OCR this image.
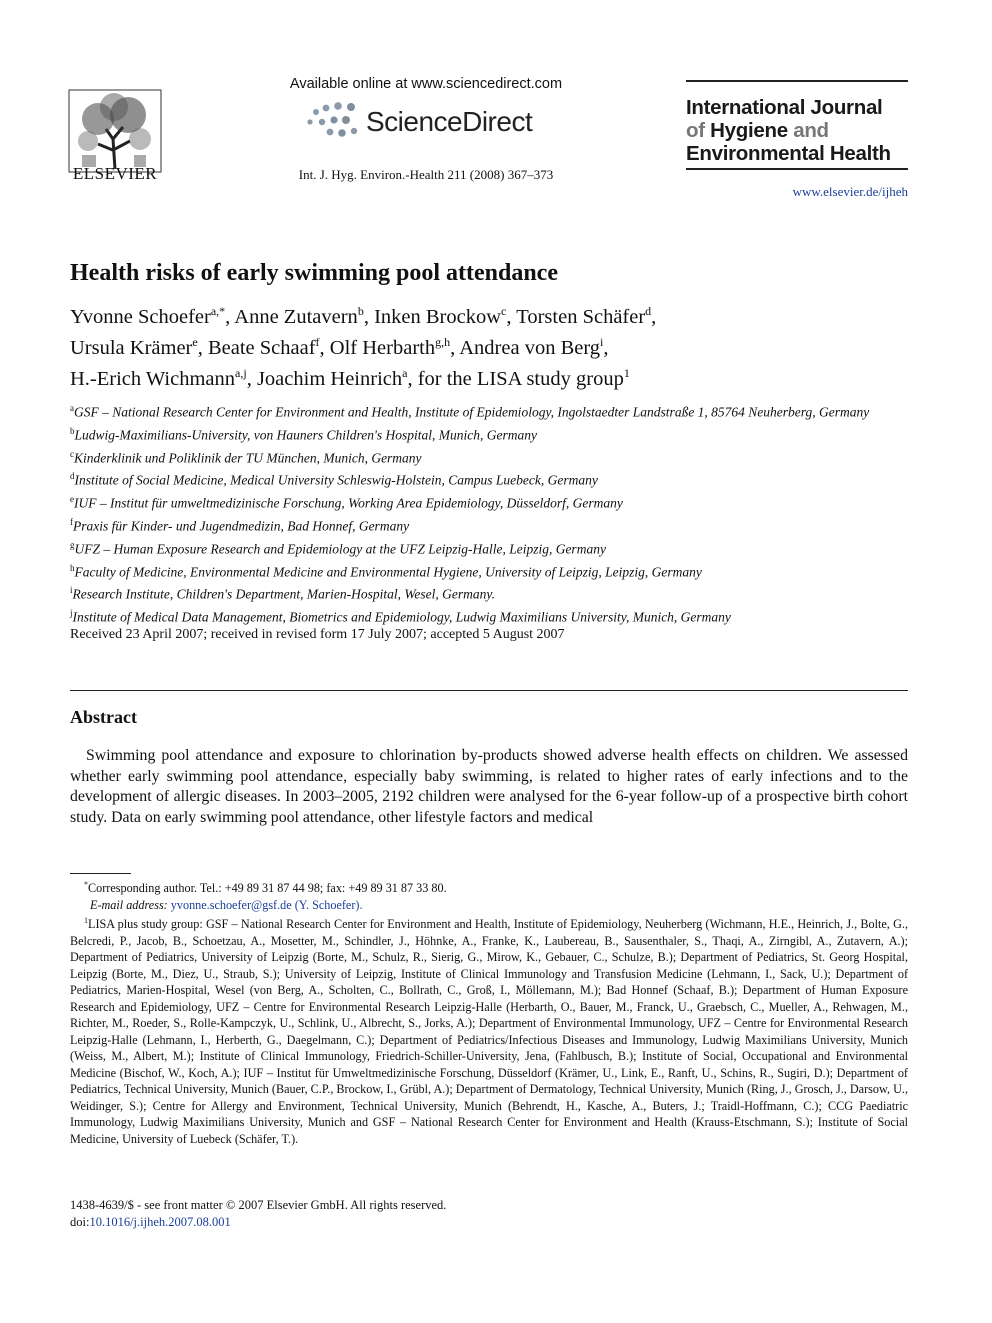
ELSEVIER
Available online at www.sciencedirect.com
ScienceDirect
Int. J. Hyg. Environ.-Health 211 (2008) 367–373
International Journal
of Hygiene and
Environmental Health
www.elsevier.de/ijheh
Health risks of early swimming pool attendance
Yvonne Schoefer$^{a,*}$, Anne Zutavern$^b$, Inken Brockow$^c$, Torsten Schäfer$^d$,
Ursula Krämer$^e$, Beate Schaaf$^f$, Olf Herbarth$^{g,h}$, Andrea von Berg$^i$,
H.-Erich Wichmann$^{a,j}$, Joachim Heinrich$^a$, for the LISA study group$^1$
$^a$GSF – National Research Center for Environment and Health, Institute of Epidemiology, Ingolstaedter Landstraße 1, 85764 Neuherberg, Germany
$^b$Ludwig-Maximilians-University, von Hauners Children's Hospital, Munich, Germany
$^c$Kinderklinik und Poliklinik der TU München, Munich, Germany
$^d$Institute of Social Medicine, Medical University Schleswig-Holstein, Campus Luebeck, Germany
$^e$IUF – Institut für umweltmedizinische Forschung, Working Area Epidemiology, Düsseldorf, Germany
$^f$Praxis für Kinder- und Jugendmedizin, Bad Honnef, Germany
$^g$UFZ – Human Exposure Research and Epidemiology at the UFZ Leipzig-Halle, Leipzig, Germany
$^h$Faculty of Medicine, Environmental Medicine and Environmental Hygiene, University of Leipzig, Leipzig, Germany
$^i$Research Institute, Children's Department, Marien-Hospital, Wesel, Germany.
$^j$Institute of Medical Data Management, Biometrics and Epidemiology, Ludwig Maximilians University, Munich, Germany
Received 23 April 2007; received in revised form 17 July 2007; accepted 5 August 2007
Abstract
Swimming pool attendance and exposure to chlorination by-products showed adverse health effects on children. We assessed whether early swimming pool attendance, especially baby swimming, is related to higher rates of early infections and to the development of allergic diseases. In 2003–2005, 2192 children were analysed for the 6-year follow-up of a prospective birth cohort study. Data on early swimming pool attendance, other lifestyle factors and medical
*Corresponding author. Tel.: +49 89 31 87 44 98; fax: +49 89 31 87 33 80.
E-mail address: yvonne.schoefer@gsf.de (Y. Schoefer).
$^1$LISA plus study group: GSF – National Research Center for Environment and Health, Institute of Epidemiology, Neuherberg (Wichmann, H.E., Heinrich, J., Bolte, G., Belcredi, P., Jacob, B., Schoetzau, A., Mosetter, M., Schindler, J., Höhnke, A., Franke, K., Laubereau, B., Sausenthaler, S., Thaqi, A., Zirngibl, A., Zutavern, A.); Department of Pediatrics, University of Leipzig (Borte, M., Schulz, R., Sierig, G., Mirow, K., Gebauer, C., Schulze, B.); Department of Pediatrics, St. Georg Hospital, Leipzig (Borte, M., Diez, U., Straub, S.); University of Leipzig, Institute of Clinical Immunology and Transfusion Medicine (Lehmann, I., Sack, U.); Department of Pediatrics, Marien-Hospital, Wesel (von Berg, A., Scholten, C., Bollrath, C., Groß, I., Möllemann, M.); Bad Honnef (Schaaf, B.); Department of Human Exposure Research and Epidemiology, UFZ – Centre for Environmental Research Leipzig-Halle (Herbarth, O., Bauer, M., Franck, U., Graebsch, C., Mueller, A., Rehwagen, M., Richter, M., Roeder, S., Rolle-Kampczyk, U., Schlink, U., Albrecht, S., Jorks, A.); Department of Environmental Immunology, UFZ – Centre for Environmental Research Leipzig-Halle (Lehmann, I., Herberth, G., Daegelmann, C.); Department of Pediatrics/Infectious Diseases and Immunology, Ludwig Maximilians University, Munich (Weiss, M., Albert, M.); Institute of Clinical Immunology, Friedrich-Schiller-University, Jena, (Fahlbusch, B.); Institute of Social, Occupational and Environmental Medicine (Bischof, W., Koch, A.); IUF – Institut für Umweltmedizinische Forschung, Düsseldorf (Krämer, U., Link, E., Ranft, U., Schins, R., Sugiri, D.); Department of Pediatrics, Technical University, Munich (Bauer, C.P., Brockow, I., Grübl, A.); Department of Dermatology, Technical University, Munich (Ring, J., Grosch, J., Darsow, U., Weidinger, S.); Centre for Allergy and Environment, Technical University, Munich (Behrendt, H., Kasche, A., Buters, J.; Traidl-Hoffmann, C.); CCG Paediatric Immunology, Ludwig Maximilians University, Munich and GSF – National Research Center for Environment and Health (Krauss-Etschmann, S.); Institute of Social Medicine, University of Luebeck (Schäfer, T.).
1438-4639/$ - see front matter © 2007 Elsevier GmbH. All rights reserved.
doi:10.1016/j.ijheh.2007.08.001
